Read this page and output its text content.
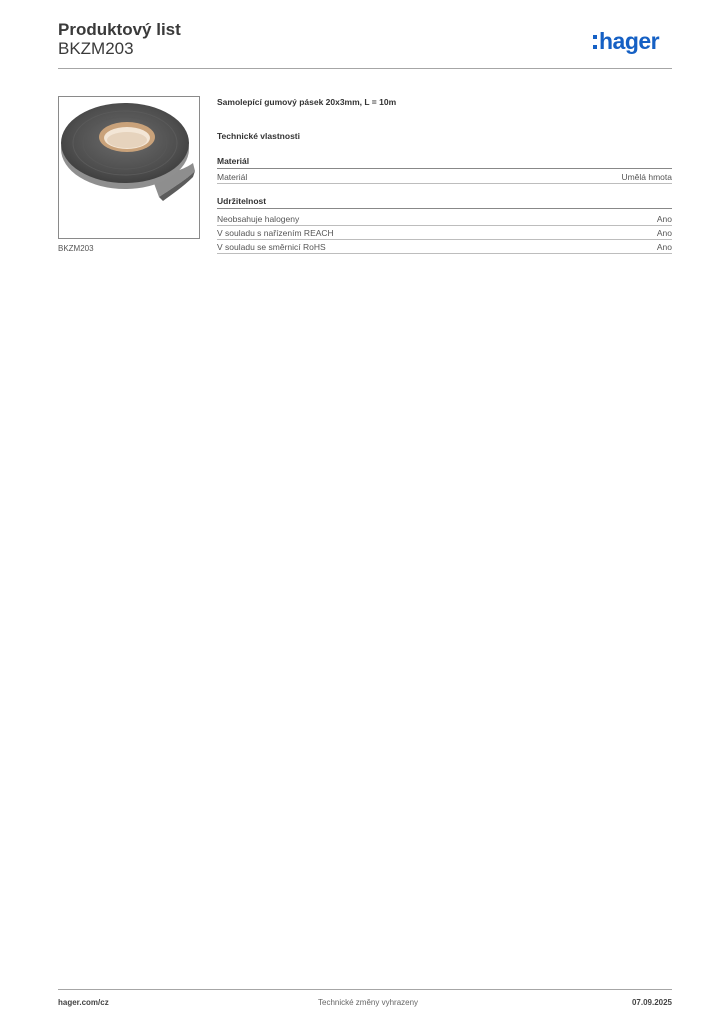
Produktový list
BKZM203	hager
BKZM203
Samolepící gumový pásek 20x3mm, L = 10m
Technické vlastnosti
Materiál
Materiál	Umělá hmota
Udržitelnost
Neobsahuje halogeny	Ano
V souladu s nařízením REACH	Ano
V souladu se směrnicí RoHS	Ano
hager.com/cz	Technické změny vyhrazeny	07.09.2025
